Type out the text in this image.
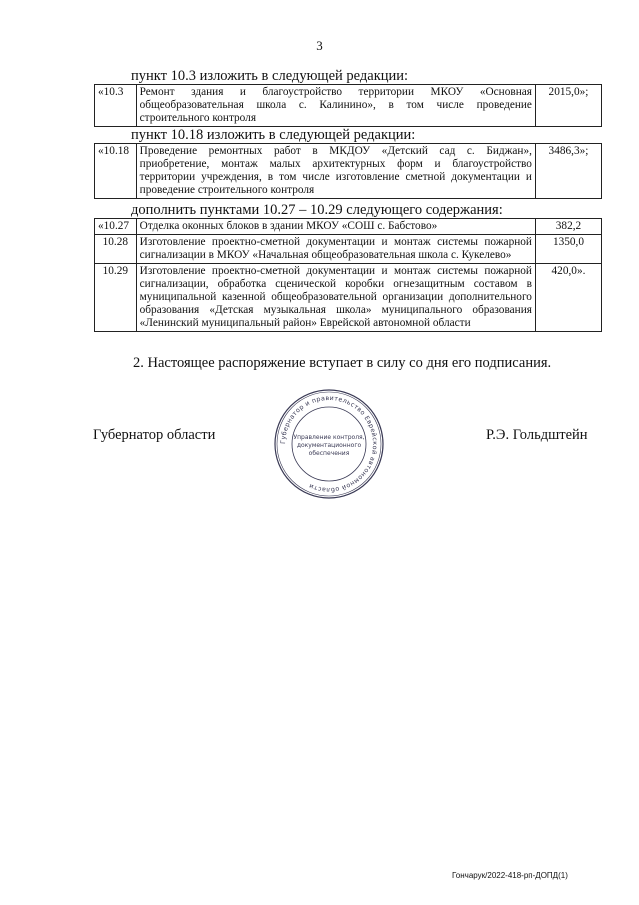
3
пункт 10.3 изложить в следующей редакции:
«10.3	Ремонт здания и благоустройство территории МКОУ «Основная общеобразовательная школа с. Калинино», в том числе проведение строительного контроля	2015,0»;
пункт 10.18 изложить в следующей редакции:
«10.18	Проведение ремонтных работ в МКДОУ «Детский сад с. Биджан», приобретение, монтаж малых архитектурных форм и благоустройство территории учреждения, в том числе изготовление сметной документации и проведение строительного контроля	3486,3»;
дополнить пунктами 10.27 – 10.29 следующего содержания:
«10.27	Отделка оконных блоков в здании МКОУ «СОШ с. Бабстово»	382,2
10.28	Изготовление проектно-сметной документации и монтаж системы пожарной сигнализации в МКОУ «Начальная общеобразовательная школа с. Кукелево»	1350,0
10.29	Изготовление проектно-сметной документации и монтаж системы пожарной сигнализации, обработка сценической коробки огнезащитным составом в муниципальной казенной общеобразовательной организации дополнительного образования «Детская музыкальная школа» муниципального образования «Ленинский муниципальный район» Еврейской автономной области	420,0».
2. Настоящее распоряжение вступает в силу со дня его подписания.
Губернатор области	Р.Э. Гольдштейн
Губернатор и правительство Еврейской автономной области
Управление контроля,
документационного
обеспечения
Гончарук/2022-418-рп-ДОПД(1)
